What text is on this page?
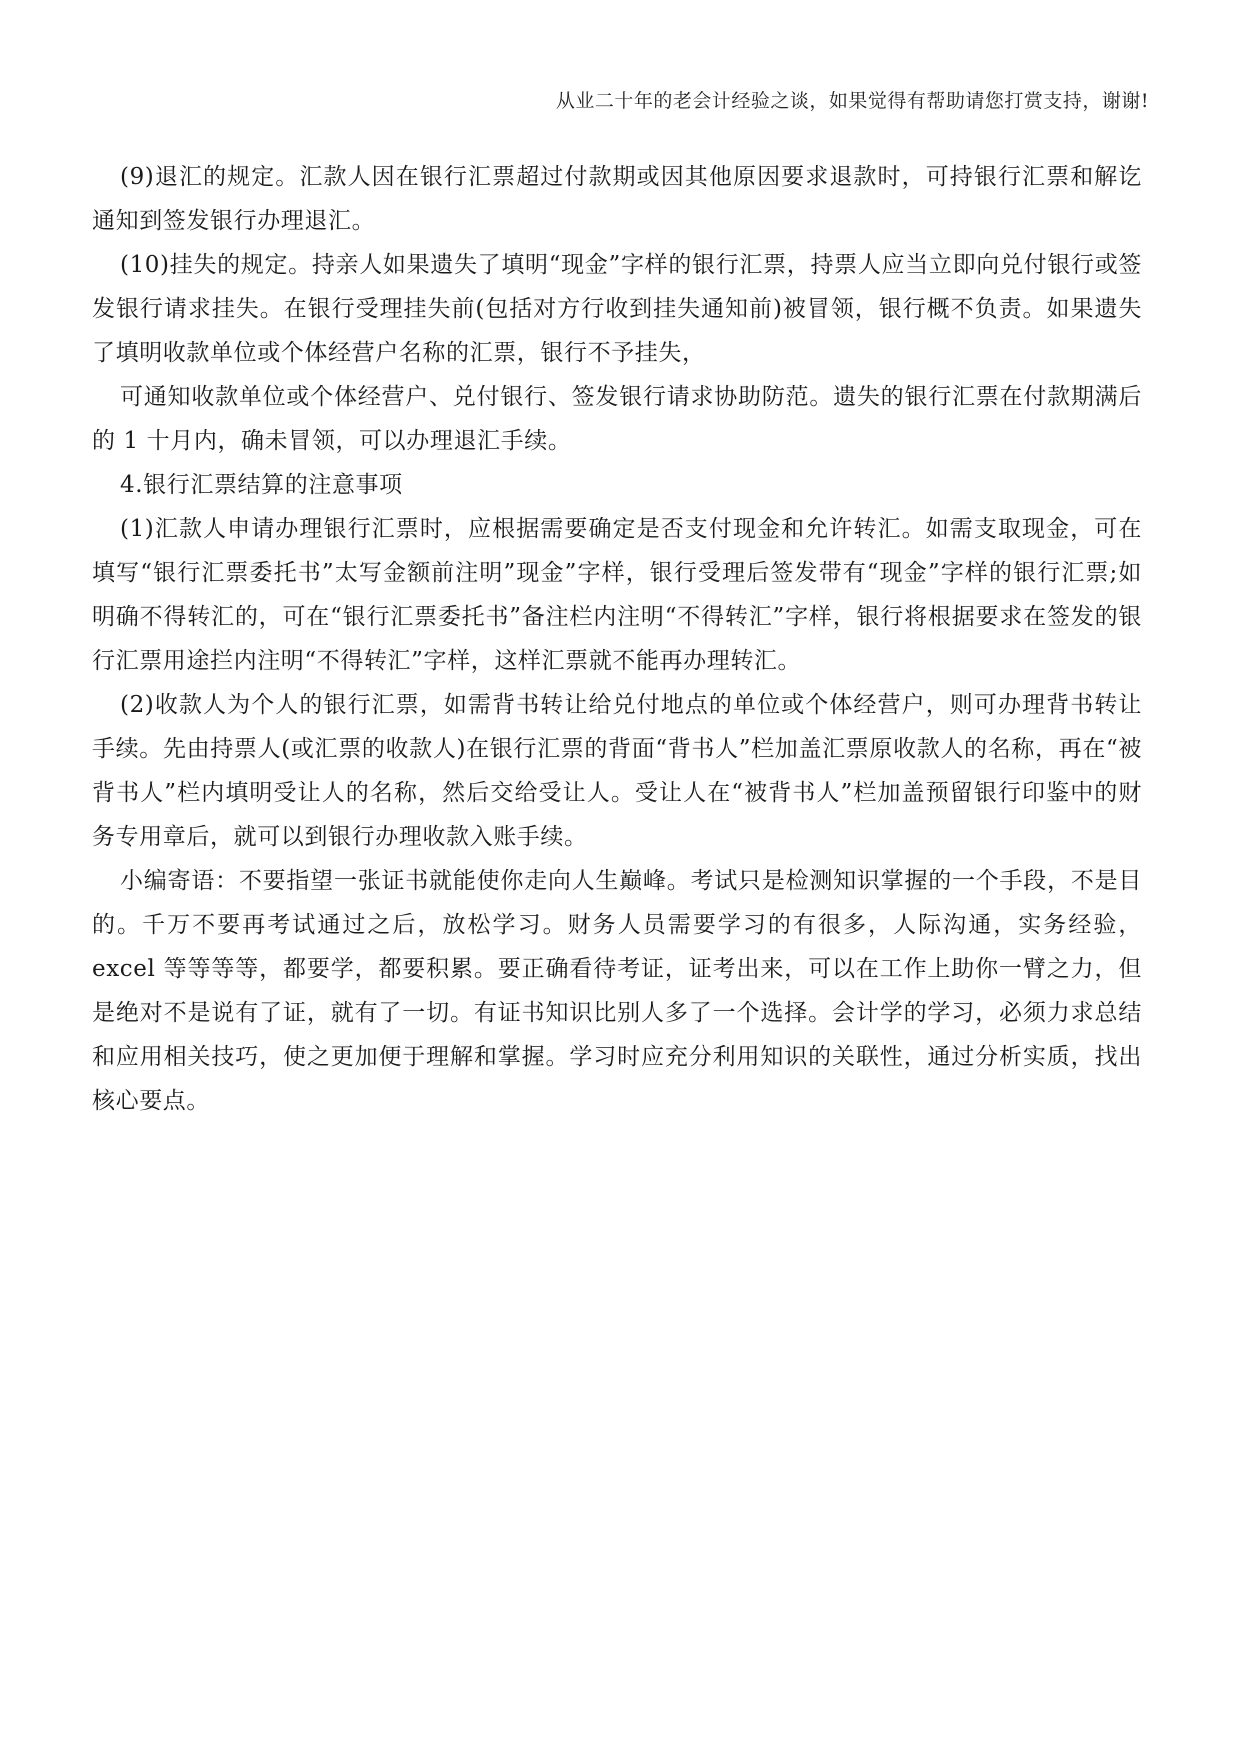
从业二十年的老会计经验之谈，如果觉得有帮助请您打赏支持，谢谢!

(9)退汇的规定。汇款人因在银行汇票超过付款期或因其他原因要求退款时，可持银行汇票和解讫通知到签发银行办理退汇。

(10)挂失的规定。持亲人如果遗失了填明“现金”字样的银行汇票，持票人应当立即向兑付银行或签发银行请求挂失。在银行受理挂失前(包括对方行收到挂失通知前)被冒领，银行概不负责。如果遗失了填明收款单位或个体经营户名称的汇票，银行不予挂失，

可通知收款单位或个体经营户、兑付银行、签发银行请求协助防范。遗失的银行汇票在付款期满后的 1 十月内，确未冒领，可以办理退汇手续。

4.银行汇票结算的注意事项

(1)汇款人申请办理银行汇票时，应根据需要确定是否支付现金和允许转汇。如需支取现金，可在填写“银行汇票委托书”太写金额前注明”现金”字样，银行受理后签发带有“现金”字样的银行汇票;如明确不得转汇的，可在“银行汇票委托书”备注栏内注明“不得转汇”字样，银行将根据要求在签发的银行汇票用途拦内注明“不得转汇”字样，这样汇票就不能再办理转汇。

(2)收款人为个人的银行汇票，如需背书转让给兑付地点的单位或个体经营户，则可办理背书转让手续。先由持票人(或汇票的收款人)在银行汇票的背面“背书人”栏加盖汇票原收款人的名称，再在“被背书人”栏内填明受让人的名称，然后交给受让人。受让人在“被背书人”栏加盖预留银行印鉴中的财务专用章后，就可以到银行办理收款入账手续。

小编寄语：不要指望一张证书就能使你走向人生巅峰。考试只是检测知识掌握的一个手段，不是目的。千万不要再考试通过之后，放松学习。财务人员需要学习的有很多，人际沟通，实务经验，excel 等等等等，都要学，都要积累。要正确看待考证，证考出来，可以在工作上助你一臂之力，但是绝对不是说有了证，就有了一切。有证书知识比别人多了一个选择。会计学的学习，必须力求总结和应用相关技巧，使之更加便于理解和掌握。学习时应充分利用知识的关联性，通过分析实质，找出核心要点。
